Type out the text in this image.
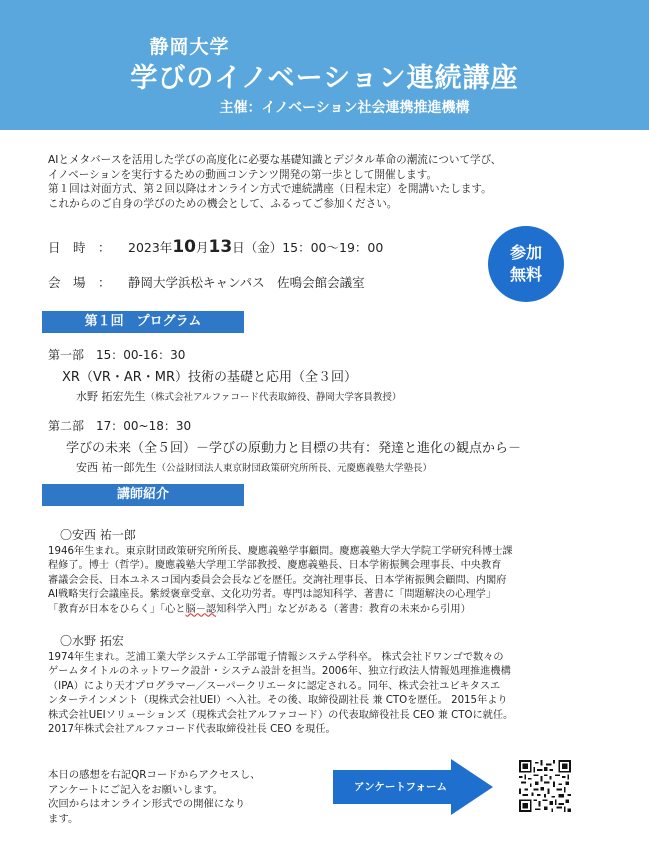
静岡大学
学びのイノベーション連続講座
主催：イノベーション社会連携推進機構

AIとメタバースを活用した学びの高度化に必要な基礎知識とデジタル革命の潮流について学び、

イノベーションを実行するための動画コンテンツ開発の第一歩として開催します。

第１回は対面方式、第２回以降はオンライン方式で連続講座（日程未定）を開講いたします。

これからのご自身の学びのための機会として、ふるってご参加ください。

日　時　： 2023年10月13日（金）15：00〜19：00
会　場　： 静岡大学浜松キャンパス　佐鳴会館会議室
参加
無料
第１回　プログラム
第一部　15：00-16：30
XR（VR・AR・MR）技術の基礎と応用（全３回）
水野 拓宏先生（株式会社アルファコード代表取締役、静岡大学客員教授）
第二部　17：00~18：30
学びの未来（全５回）－学びの原動力と目標の共有：発達と進化の観点から－
安西 祐一郎先生（公益財団法人東京財団政策研究所所長、元慶應義塾大学塾長）
講師紹介
〇安西 祐一郎

1946年生まれ。東京財団政策研究所所長、慶應義塾学事顧問。慶應義塾大学大学院工学研究科博士課

程修了。博士（哲学）。慶應義塾大学理工学部教授、慶應義塾長、日本学術振興会理事長、中央教育

審議会会長、日本ユネスコ国内委員会会長などを歴任。交詢社理事長、日本学術振興会顧問、内閣府

AI戦略実行会議座長。紫綬褒章受章、文化功労者。専門は認知科学、著書に「問題解決の心理学」

「教育が日本をひらく」「心と脳－認知科学入門」などがある（著書：教育の未来から引用）

〇水野 拓宏

1974年生まれ。芝浦工業大学システム工学部電子情報システム学科卒。 株式会社ドワンゴで数々の

ゲームタイトルのネットワーク設計・システム設計を担当。2006年、独立行政法人情報処理推進機構

（IPA）により天才プログラマー／スーパークリエータに認定される。同年、株式会社ユビキタスエ

ンターテインメント（現株式会社UEI）へ入社。その後、取締役副社長 兼 CTOを歴任。 2015年より

株式会社UEIソリューションズ（現株式会社アルファコード）の代表取締役社長 CEO 兼 CTOに就任。

2017年株式会社アルファコード代表取締役社長 CEO を現任。

本日の感想を右記QRコードからアクセスし、

アンケートにご記入をお願いします。

次回からはオンライン形式での開催になり

ます。

アンケートフォーム
